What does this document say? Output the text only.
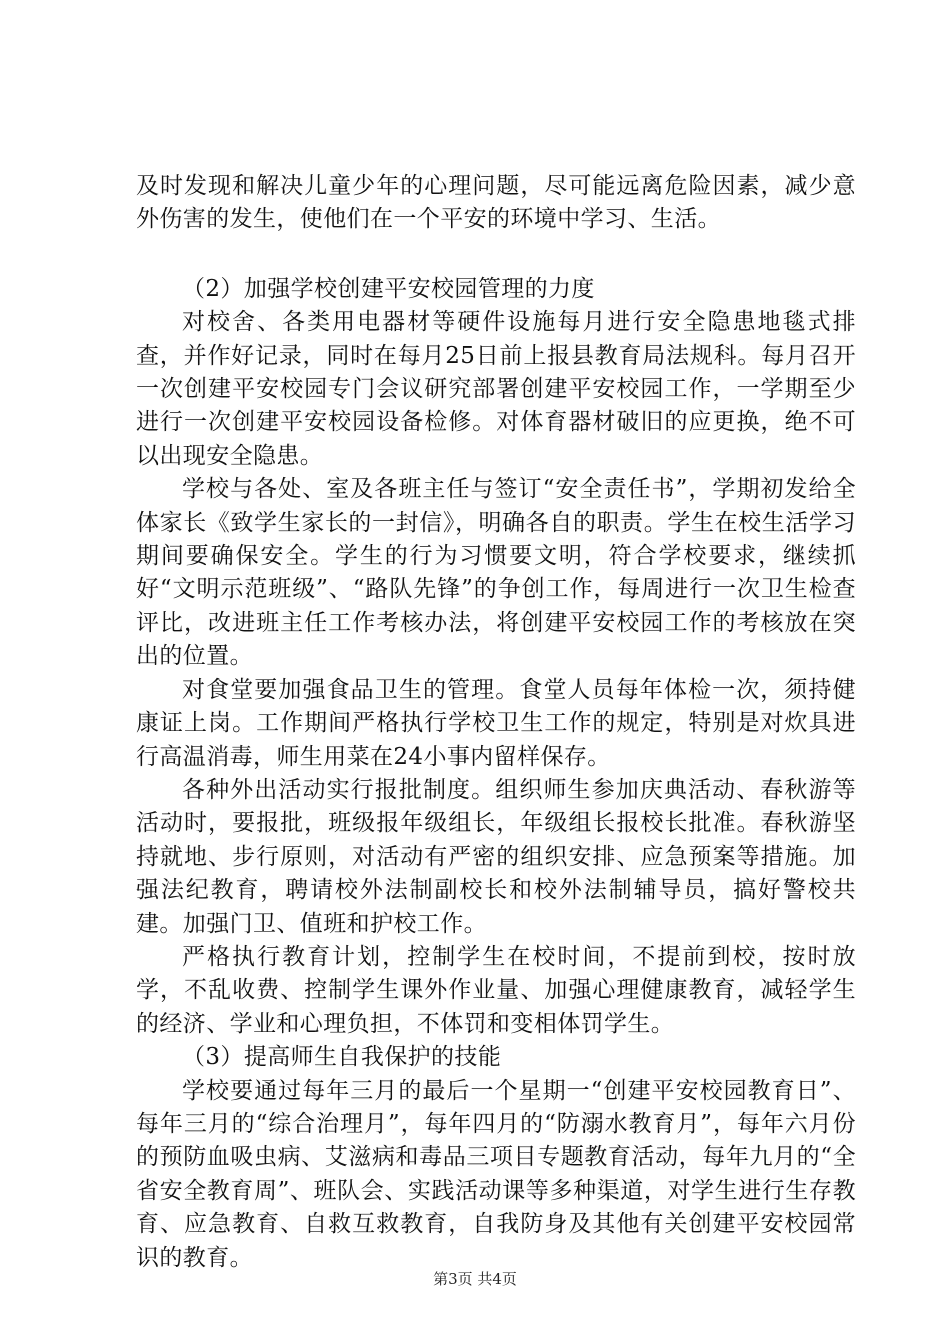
及时发现和解决儿童少年的心理问题，尽可能远离危险因素，减少意外伤害的发生，使他们在一个平安的环境中学习、生活。

（2）加强学校创建平安校园管理的力度

对校舍、各类用电器材等硬件设施每月进行安全隐患地毯式排查，并作好记录，同时在每月25日前上报县教育局法规科。每月召开一次创建平安校园专门会议研究部署创建平安校园工作，一学期至少进行一次创建平安校园设备检修。对体育器材破旧的应更换，绝不可以出现安全隐患。

学校与各处、室及各班主任与签订“安全责任书”，学期初发给全体家长《致学生家长的一封信》，明确各自的职责。学生在校生活学习期间要确保安全。学生的行为习惯要文明，符合学校要求，继续抓好“文明示范班级”、“路队先锋”的争创工作，每周进行一次卫生检查评比，改进班主任工作考核办法，将创建平安校园工作的考核放在突出的位置。

对食堂要加强食品卫生的管理。食堂人员每年体检一次，须持健康证上岗。工作期间严格执行学校卫生工作的规定，特别是对炊具进行高温消毒，师生用菜在24小事内留样保存。

各种外出活动实行报批制度。组织师生参加庆典活动、春秋游等活动时，要报批，班级报年级组长，年级组长报校长批准。春秋游坚持就地、步行原则，对活动有严密的组织安排、应急预案等措施。加强法纪教育，聘请校外法制副校长和校外法制辅导员，搞好警校共建。加强门卫、值班和护校工作。

严格执行教育计划，控制学生在校时间，不提前到校，按时放学，不乱收费、控制学生课外作业量、加强心理健康教育，减轻学生的经济、学业和心理负担，不体罚和变相体罚学生。

（3）提高师生自我保护的技能

学校要通过每年三月的最后一个星期一“创建平安校园教育日”、每年三月的“综合治理月”，每年四月的“防溺水教育月”，每年六月份的预防血吸虫病、艾滋病和毒品三项目专题教育活动，每年九月的“全省安全教育周”、班队会、实践活动课等多种渠道，对学生进行生存教育、应急教育、自救互救教育，自我防身及其他有关创建平安校园常识的教育。

第3页 共4页
